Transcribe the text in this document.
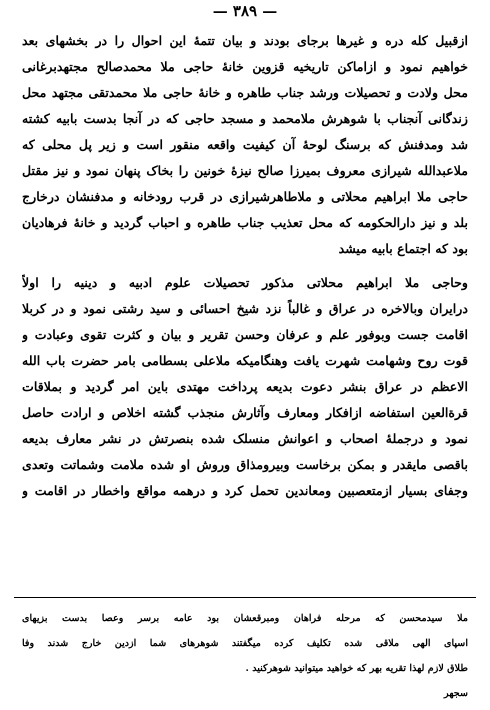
— ۳۸۹ —
ازقبیل کله دره و غیرها برجای بودند و بیان تتمهٔ این احوال را در بخشهای بعد
خواهیم نمود و ازاماکن تاریخیه قزوین خانهٔ حاجی ملا محمدصالح مجتهدبرغانی
محل ولادت و تحصیلات ورشد جناب طاهره و خانهٔ حاجی ملا محمدتقی مجتهد محل
زندگانی آنجناب با شوهرش ملامحمد و مسجد حاجی که در آنجا بدست بابیه کشته
شد ومدفنش که برسنگ لوحهٔ آن کیفیت واقعه منقور است و زیر پل محلی که
ملاعبدالله شیرازی معروف بمیرزا صالح نیزهٔ خونین را بخاک پنهان نمود و نیز مقتل
حاجی ملا ابراهیم محلاتی و ملاطاهرشیرازی در قرب رودخانه و مدفنشان درخارج
بلد و نیز دارالحکومه که محل تعذیب جناب طاهره و احباب گردید و خانهٔ فرهادیان
بود که اجتماع بابیه میشد
وحاجی ملا ابراهیم محلاتی مذکور تحصیلات علوم ادبیه و دینیه را اولاً
درایران وبالاخره در عراق و غالباً نزد شیخ احسائی و سید رشتی نمود و در کربلا
اقامت جست وبوفور علم و عرفان وحسن تقریر و بیان و کثرت تقوی وعبادت و
قوت روح وشهامت شهرت یافت وهنگامیکه ملاعلی بسطامی بامر حضرت باب الله
الاعظم در عراق بنشر دعوت بدیعه پرداخت مهتدی باین امر گردید و بملاقات
قرةالعین استفاضه ازافکار ومعارف وآثارش منجذب گشته اخلاص و ارادت حاصل
نمود و درجملهٔ اصحاب و اعوانش منسلک شده بنصرتش در نشر معارف بدیعه
باقصی مایقدر و بمکن برخاست وبیرومذاق وروش او شده ملامت وشماتت وتعدی
وجفای بسیار ازمتعصبین ومعاندین تحمل کرد و درهمه مواقع واخطار در اقامت و
ملا سیدمحسن که مرحله فراهان ومبرقعشان بود عامه برسر وعصا بدست بزیهای
اسپای الهی ملاقی شده تکلیف کرده میگفتند شوهرهای شما ازدین خارج شدند وفا
طلاق لازم لهذا تقریه بهر که خواهید میتوانید شوهرکنید .
سجهر
